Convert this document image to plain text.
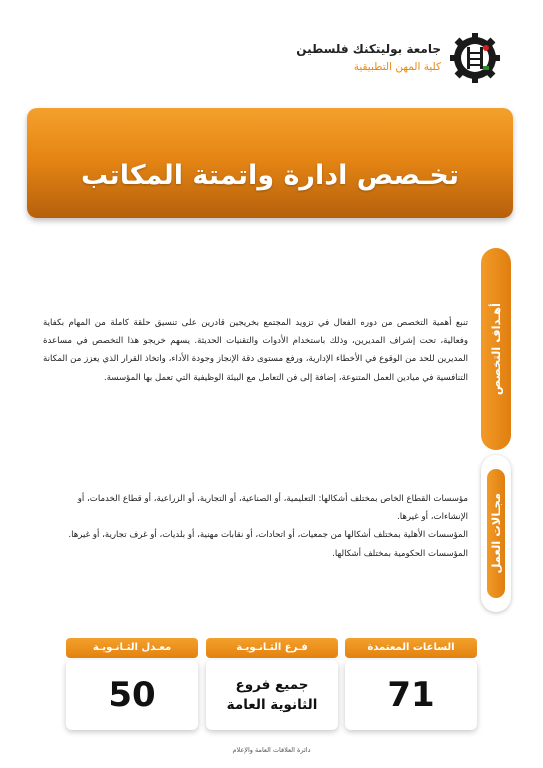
جامعة بوليتكنك فلسطين
كلية المهن التطبيقية
تخـصص ادارة واتمتة المكاتب
أهـداف التخصص

تنبع أهمية التخصص من دوره الفعال في تزويد المجتمع بخريجين قادرين على تنسيق حلقة كاملة من المهام بكفاية وفعالية، تحت إشراف المديرين، وذلك باستخدام الأدوات والتقنيات الحديثة. يسهم خريجو هذا التخصص في مساعدة المديرين للحد من الوقوع في الأخطاء الإدارية، ورفع مستوى دقة الإنجاز وجودة الأداء، واتخاذ القرار الذي يعزز من المكانة التنافسية في ميادين العمل المتنوعة، إضافة إلى فن التعامل مع البيئة الوظيفية التي تعمل بها المؤسسة.

مجـالات العمل
مؤسسات القطاع الخاص بمختلف أشكالها: التعليمية، أو الصناعية، أو التجارية، أو الزراعية، أو قطاع الخدمات، أو الإنشاءات، أو غيرها.
المؤسسات الأهلية بمختلف أشكالها من جمعيات، أو اتحادات، أو نقابات مهنية، أو بلديات، أو غرف تجارية، أو غيرها.
المؤسسات الحكومية بمختلف أشكالها.
الساعات المعتمدة
71
فـرع الثـانـويـة
جميع فروع
الثانوية العامة
معـدل الثـانـويـة
50
دائرة العلاقات العامة والإعلام
